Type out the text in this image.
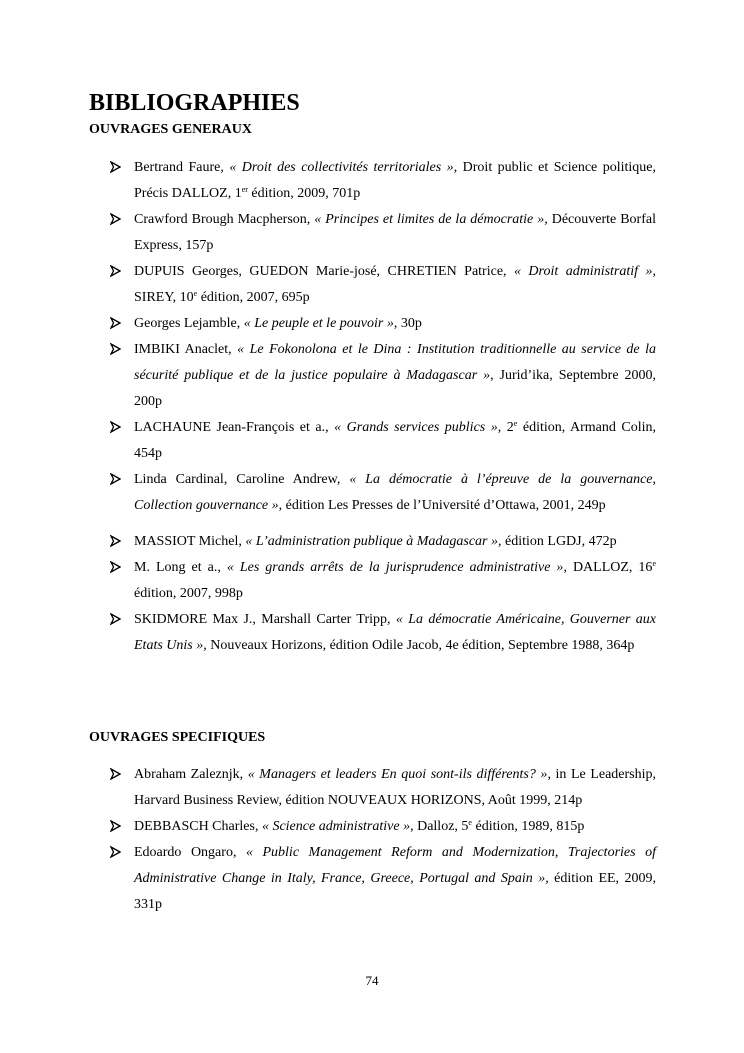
BIBLIOGRAPHIES
OUVRAGES GENERAUX
Bertrand Faure, « Droit des collectivités territoriales », Droit public et Science politique, Précis DALLOZ, 1er édition, 2009, 701p
Crawford Brough Macpherson, « Principes et limites de la démocratie », Découverte Borfal Express, 157p
DUPUIS Georges, GUEDON Marie-josé, CHRETIEN Patrice, « Droit administratif », SIREY, 10e édition, 2007, 695p
Georges Lejamble, « Le peuple et le pouvoir », 30p
IMBIKI Anaclet, « Le Fokonolona et le Dina : Institution traditionnelle au service de la sécurité publique et de la justice populaire à Madagascar », Jurid’ika, Septembre 2000, 200p
LACHAUNE Jean-François et a., « Grands services publics », 2e édition, Armand Colin, 454p
Linda Cardinal, Caroline Andrew, « La démocratie à l’épreuve de la gouvernance, Collection gouvernance », édition Les Presses de l’Université d’Ottawa, 2001, 249p
MASSIOT Michel, « L’administration publique à Madagascar », édition LGDJ, 472p
M. Long et a., « Les grands arrêts de la jurisprudence administrative », DALLOZ, 16e édition, 2007, 998p
SKIDMORE Max J., Marshall Carter Tripp, « La démocratie Américaine, Gouverner aux Etats Unis », Nouveaux Horizons, édition Odile Jacob, 4e édition, Septembre 1988, 364p
OUVRAGES SPECIFIQUES
Abraham Zaleznjk, « Managers et leaders En quoi sont-ils différents? », in Le Leadership, Harvard Business Review, édition NOUVEAUX HORIZONS, Août 1999, 214p
DEBBASCH Charles, « Science administrative », Dalloz, 5e édition, 1989, 815p
Edoardo Ongaro, « Public Management Reform and Modernization, Trajectories of Administrative Change in Italy, France, Greece, Portugal and Spain », édition EE, 2009, 331p
74
